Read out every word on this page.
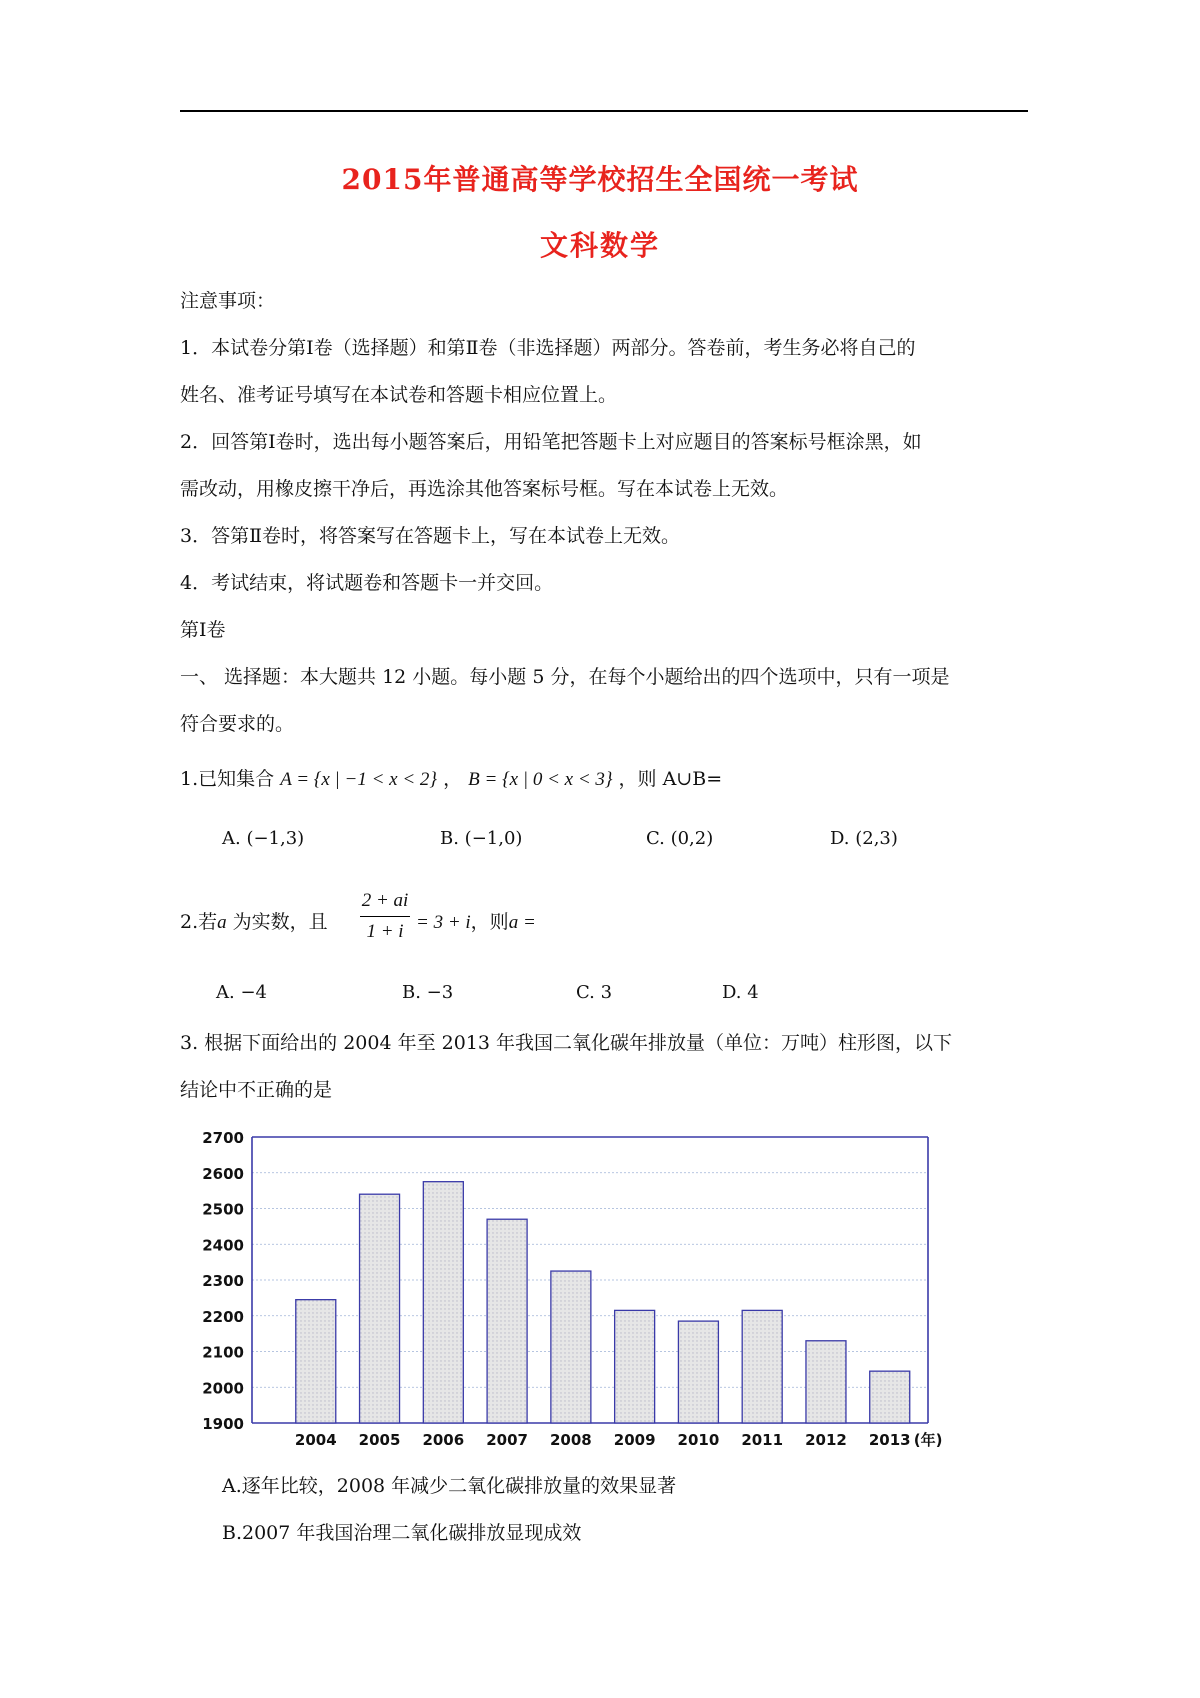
2015年普通高等学校招生全国统一考试
文科数学
注意事项：
1．本试卷分第Ⅰ卷（选择题）和第Ⅱ卷（非选择题）两部分。答卷前，考生务必将自己的
姓名、准考证号填写在本试卷和答题卡相应位置上。
2．回答第Ⅰ卷时，选出每小题答案后，用铅笔把答题卡上对应题目的答案标号框涂黑，如
需改动，用橡皮擦干净后，再选涂其他答案标号框。写在本试卷上无效。
3．答第Ⅱ卷时，将答案写在答题卡上，写在本试卷上无效。
4．考试结束，将试题卷和答题卡一并交回。
第Ⅰ卷
一、 选择题：本大题共 12 小题。每小题 5 分，在每个小题给出的四个选项中，只有一项是
符合要求的。
1.已知集合 A = {x | −1 < x < 2} ， B = {x | 0 < x < 3} ，则 A∪B=
A. (−1,3)	B. (−1,0)	C. (0,2)	D. (2,3)
2.若a 为实数，且
2 + ai
1 + i = 3 + i，则a =
A. −4	B. −3	C. 3	D. 4
3. 根据下面给出的 2004 年至 2013 年我国二氧化碳年排放量（单位：万吨）柱形图，以下
结论中不正确的是
1900
2000
2100
2200
2300
2400
2500
2600
2700
2004 2005 2006 2007 2008 2009 2010 2011 2012 2013 (年)
A.逐年比较，2008 年减少二氧化碳排放量的效果显著
B.2007 年我国治理二氧化碳排放显现成效
